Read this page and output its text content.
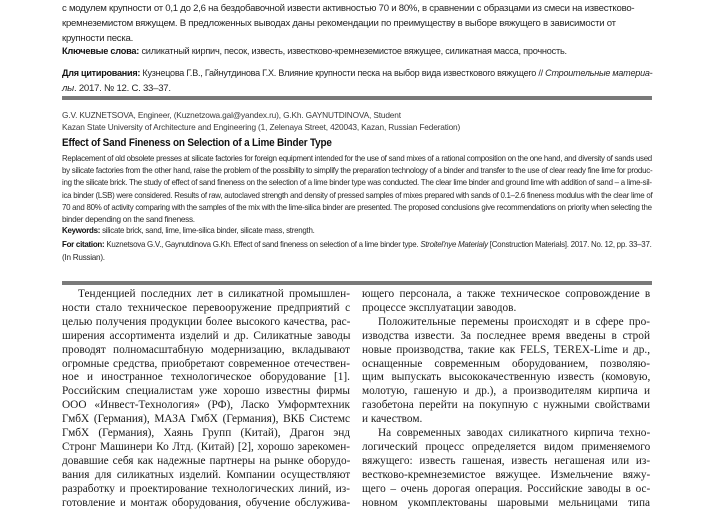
с модулем крупности от 0,1 до 2,6 на бездобавочной извести активностью 70 и 80%, в сравнении с образцами из смеси на известково-
кремнеземистом вяжущем. В предложенных выводах даны рекомендации по преимуществу в выборе вяжущего в зависимости от
крупности песка.
Ключевые слова: силикатный кирпич, песок, известь, известково-кремнеземистое вяжущее, силикатная масса, прочность.
Для цитирования: Кузнецова Г.В., Гайнутдинова Г.Х. Влияние крупности песка на выбор вида известкового вяжущего // Строительные материа-
лы. 2017. № 12. С. 33–37.
G.V. KUZNETSOVA, Engineer, (Kuznetzowa.gal@yandex.ru), G.Kh. GAYNUTDINOVA, Student
Kazan State University of Architecture and Engineering (1, Zelenaya Street, 420043, Kazan, Russian Federation)
Effect of Sand Fineness on Selection of a Lime Binder Type
Replacement of old obsolete presses at silicate factories for foreign equipment intended for the use of sand mixes of a rational composition on the one hand, and diversity of sands used
by silicate factories from the other hand, raise the problem of the possibility to simplify the preparation technology of a binder and transfer to the use of clear ready fine lime for produc-
ing the silicate brick. The study of effect of sand fineness on the selection of a lime binder type was conducted. The clear lime binder and ground lime with addition of sand – a lime-sil-
ica binder (LSB) were considered. Results of raw, autoclaved strength and density of pressed samples of mixes prepared with sands of 0.1–2.6 fineness modulus with the clear lime of
70 and 80% of activity comparing with the samples of the mix with the lime-silica binder are presented. The proposed conclusions give recommendations on priority when selecting the
binder depending on the sand fineness.
Keywords: silicate brick, sand, lime, lime-silica binder, silicate mass, strength.
For citation: Kuznetsova G.V., Gaynutdinova G.Kh. Effect of sand fineness on selection of a lime binder type. Stroitel'nye Materialy [Construction Materials]. 2017. No. 12, pp. 33–37.
(In Russian).
Тенденцией последних лет в силикатной промышлен-
ности стало техническое перевооружение предприятий с
целью получения продукции более высокого качества, рас-
ширения ассортимента изделий и др. Силикатные заводы
проводят полномасштабную модернизацию, вкладывают
огромные средства, приобретают современное отечествен-
ное и иностранное технологическое оборудование [1].
Российским специалистам уже хорошо известны фирмы
ООО «Инвест-Технология» (РФ), Ласко Умформтехник
ГмбХ (Германия), МАЗА ГмбХ (Германия), ВКБ Системс
ГмбХ (Германия), Хаянь Групп (Китай), Драгон энд
Стронг Машинери Ко Лтд. (Китай) [2], хорошо зарекомен-
довавшие себя как надежные партнеры на рынке оборудо-
вания для силикатных изделий. Компании осуществляют
разработку и проектирование технологических линий, из-
готовление и монтаж оборудования, обучение обслужива-
ющего персонала, а также техническое сопровождение в
процессе эксплуатации заводов.
Положительные перемены происходят и в сфере про-
изводства извести. За последнее время введены в строй
новые производства, такие как FELS, TEREX-Lime и др.,
оснащенные современным оборудованием, позволяю-
щим выпускать высококачественную известь (комовую,
молотую, гашеную и др.), а производителям кирпича и
газобетона перейти на покупную с нужными свойствами
и качеством.
На современных заводах силикатного кирпича техно-
логический процесс определяется видом применяемого
вяжущего: известь гашеная, известь негашеная или из-
вестково-кремнеземистое вяжущее. Измельчение вяжу-
щего – очень дорогая операция. Российские заводы в ос-
новном укомплектованы шаровыми мельницами типа
